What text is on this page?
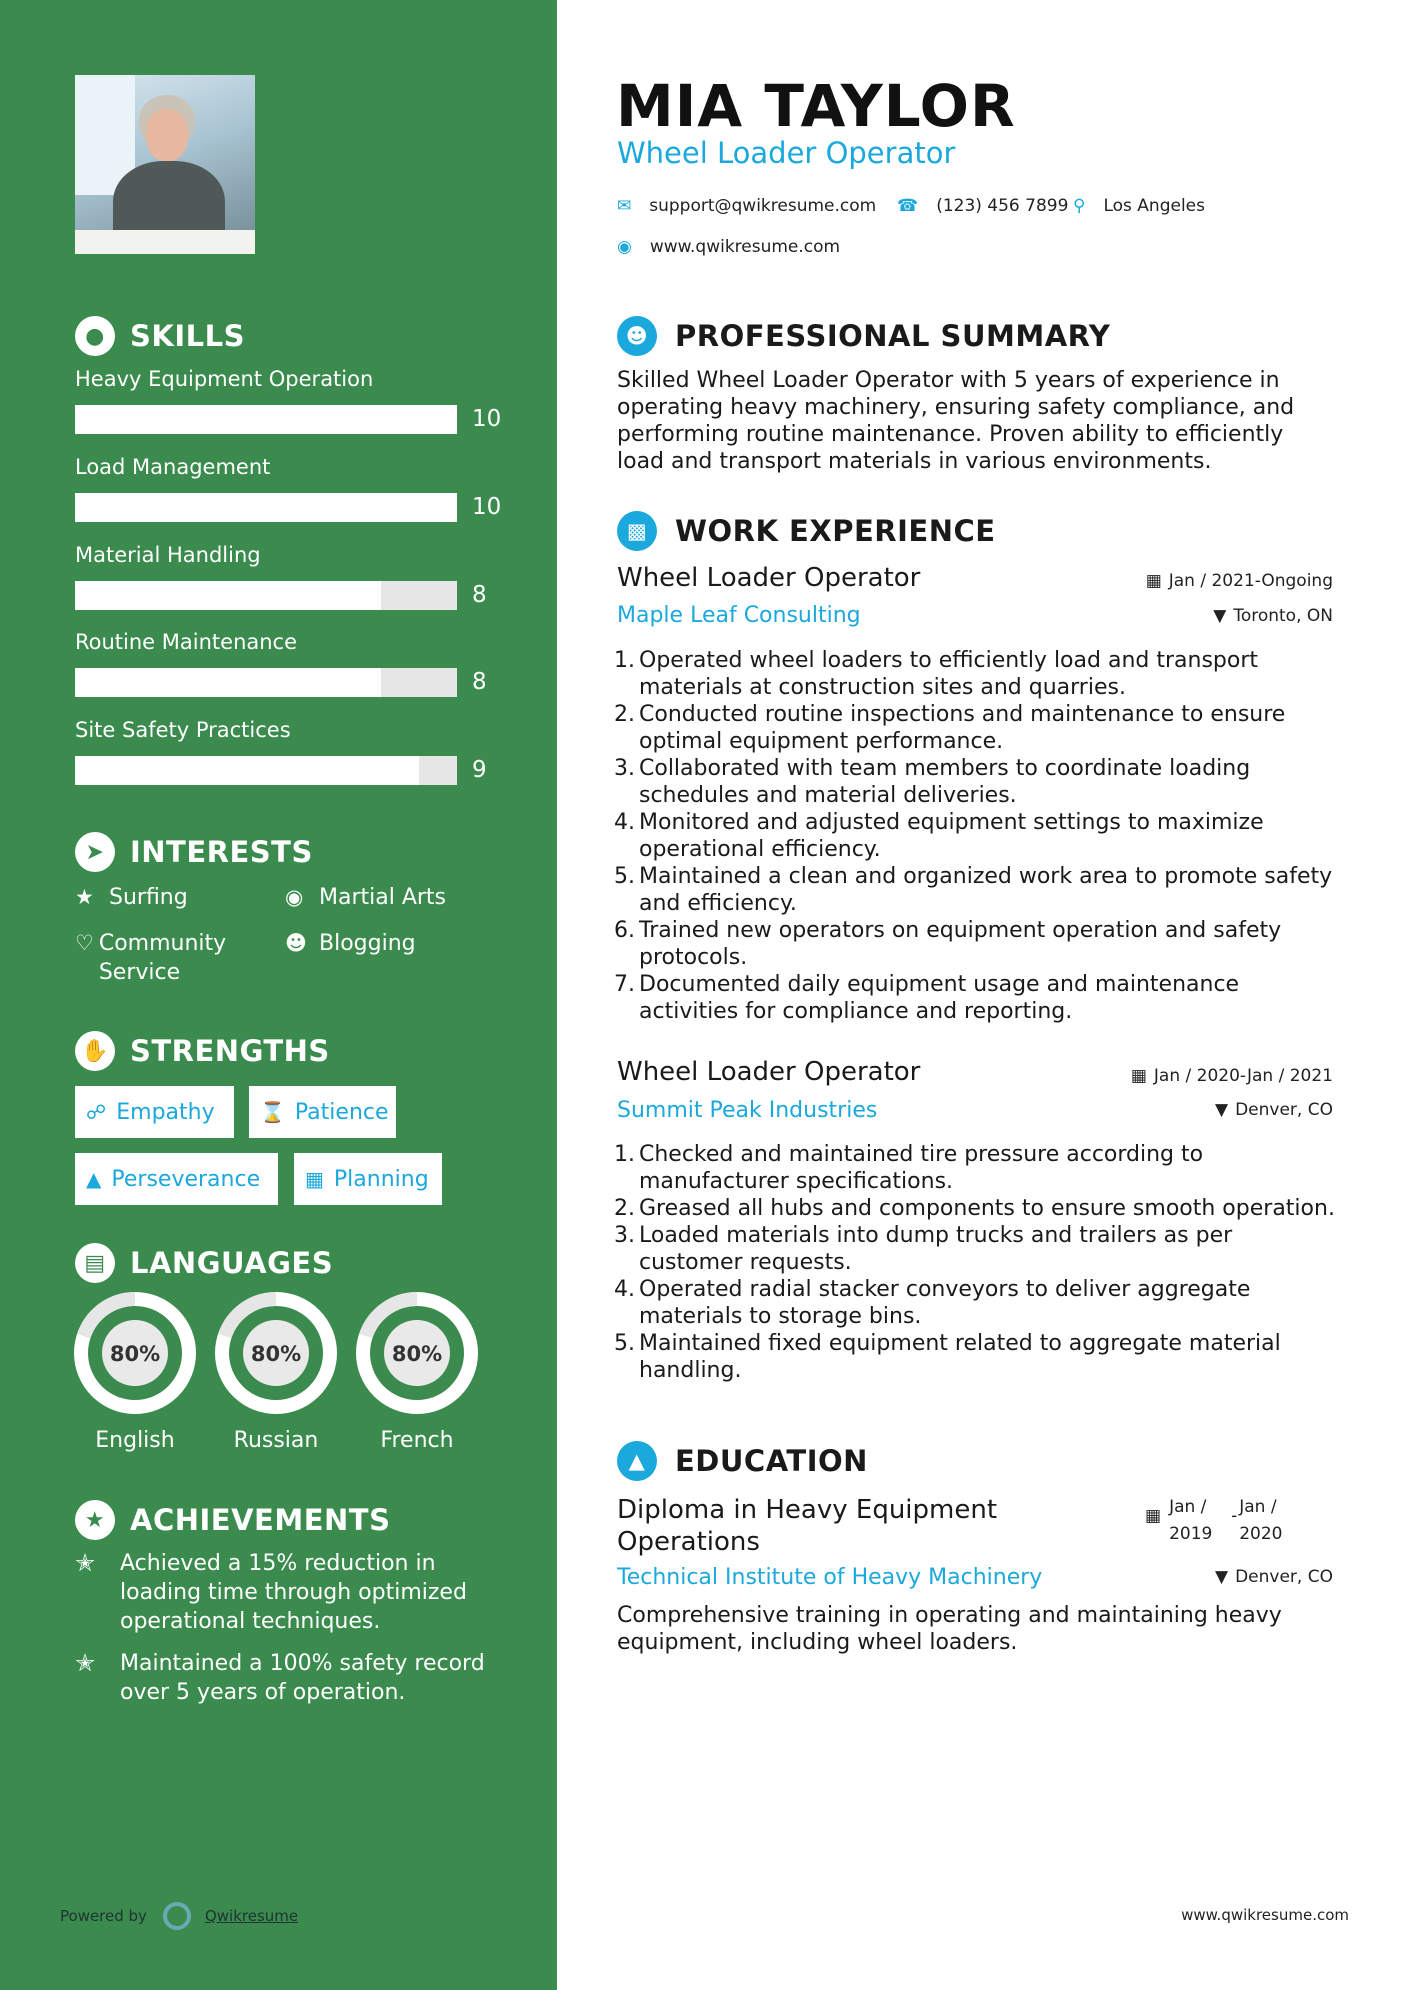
● SKILLS
Heavy Equipment Operation
10
Load Management
10
Material Handling
8
Routine Maintenance
8
Site Safety Practices
9
➤ INTERESTS
★ Surfing	◉ Martial Arts
♡ Community Service
☻ Blogging
✋ STRENGTHS
☍ Empathy ⌛ Patience
▲ Perseverance ▦ Planning
▤ LANGUAGES
80%
English
80%
Russian
80%
French
★ ACHIEVEMENTS
✭	Achieved a 15% reduction in loading time through optimized operational techniques.
✭	Maintained a 100% safety record over 5 years of operation.
Powered by	Qwikresume
MIA TAYLOR
Wheel Loader Operator
✉ support@qwikresume.com ☎ (123) 456 7899 ⚲ Los Angeles
◉ www.qwikresume.com
☻ PROFESSIONAL SUMMARY
Skilled Wheel Loader Operator with 5 years of experience in operating heavy machinery, ensuring safety compliance, and performing routine maintenance. Proven ability to efficiently load and transport materials in various environments.
▩ WORK EXPERIENCE
Wheel Loader Operator	▦ Jan / 2021-Ongoing
Maple Leaf Consulting	▼ Toronto, ON
1. Operated wheel loaders to efficiently load and transport materials at construction sites and quarries.
2. Conducted routine inspections and maintenance to ensure optimal equipment performance.
3. Collaborated with team members to coordinate loading schedules and material deliveries.
4. Monitored and adjusted equipment settings to maximize operational efficiency.
5. Maintained a clean and organized work area to promote safety and efficiency.
6. Trained new operators on equipment operation and safety protocols.
7. Documented daily equipment usage and maintenance activities for compliance and reporting.
Wheel Loader Operator	▦ Jan / 2020-Jan / 2021
Summit Peak Industries	▼ Denver, CO
1. Checked and maintained tire pressure according to manufacturer specifications.
2. Greased all hubs and components to ensure smooth operation.
3. Loaded materials into dump trucks and trailers as per customer requests.
4. Operated radial stacker conveyors to deliver aggregate materials to storage bins.
5. Maintained fixed equipment related to aggregate material handling.
▲	EDUCATION
Diploma in Heavy Equipment Operations
▦ Jan / 2019
- Jan / 2020
Technical Institute of Heavy Machinery	▼ Denver, CO
Comprehensive training in operating and maintaining heavy equipment, including wheel loaders.
www.qwikresume.com
